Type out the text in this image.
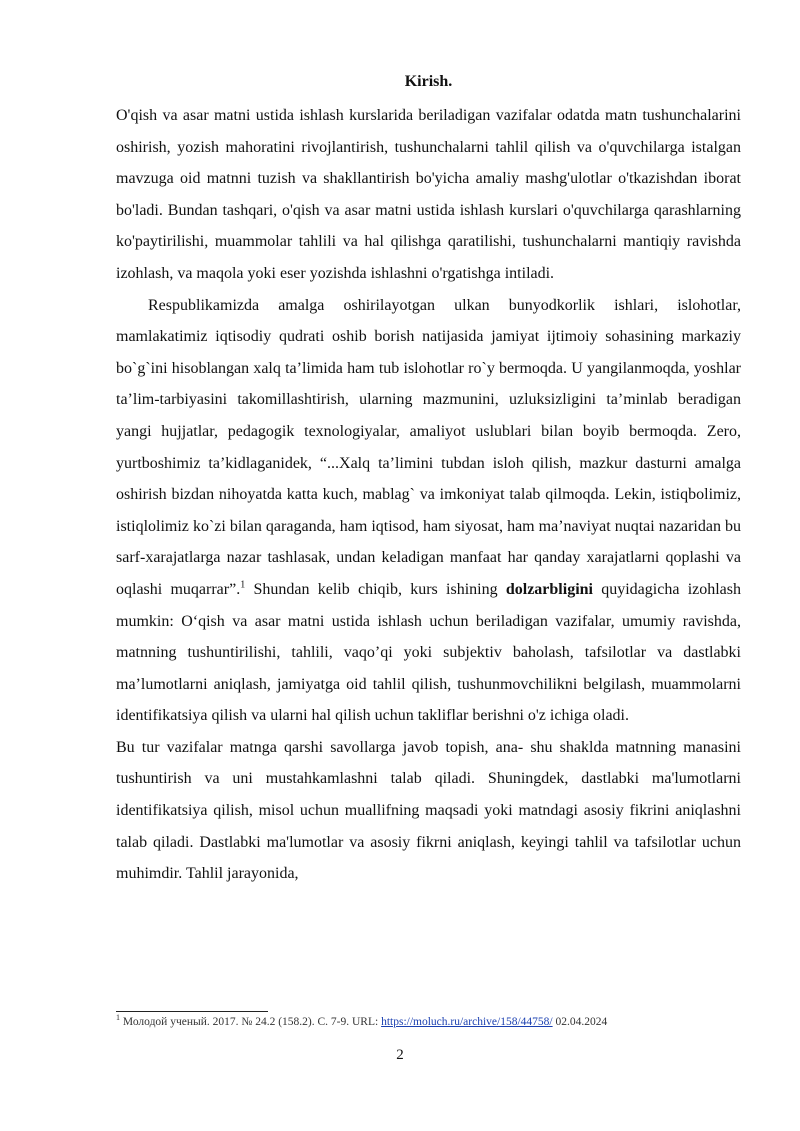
Kirish.

O'qish va asar matni ustida ishlash kurslarida beriladigan vazifalar odatda matn tushunchalarini oshirish, yozish mahoratini rivojlantirish, tushunchalarni tahlil qilish va o'quvchilarga istalgan mavzuga oid matnni tuzish va shakllantirish bo'yicha amaliy mashg'ulotlar o'tkazishdan iborat bo'ladi. Bundan tashqari, o'qish va asar matni ustida ishlash kurslari o'quvchilarga qarashlarning ko'paytirilishi, muammolar tahlili va hal qilishga qaratilishi, tushunchalarni mantiqiy ravishda izohlash, va maqola yoki eser yozishda ishlashni o'rgatishga intiladi.

Respublikamizda amalga oshirilayotgan ulkan bunyodkorlik ishlari, islohotlar, mamlakatimiz iqtisodiy qudrati oshib borish natijasida jamiyat ijtimoiy sohasining markaziy bo`g`ini hisoblangan xalq ta’limida ham tub islohotlar ro`y bermoqda. U yangilanmoqda, yoshlar ta’lim-tarbiyasini takomillashtirish, ularning mazmunini, uzluksizligini ta’minlab beradigan yangi hujjatlar, pedagogik texnologiyalar, amaliyot uslublari bilan boyib bermoqda. Zero, yurtboshimiz ta’kidlaganidek, “...Xalq ta’limini tubdan isloh qilish, mazkur dasturni amalga oshirish bizdan nihoyatda katta kuch, mablag` va imkoniyat talab qilmoqda. Lekin, istiqbolimiz, istiqlolimiz ko`zi bilan qaraganda, ham iqtisod, ham siyosat, ham ma’naviyat nuqtai nazaridan bu sarf-xarajatlarga nazar tashlasak, undan keladigan manfaat har qanday xarajatlarni qoplashi va oqlashi muqarrar”.$^1$ Shundan kelib chiqib, kurs ishining dolzarbligini quyidagicha izohlash mumkin: O‘qish va asar matni ustida ishlash uchun beriladigan vazifalar, umumiy ravishda, matnning tushuntirilishi, tahlili, vaqo’qi yoki subjektiv baholash, tafsilotlar va dastlabki ma’lumotlarni aniqlash, jamiyatga oid tahlil qilish, tushunmovchilikni belgilash, muammolarni identifikatsiya qilish va ularni hal qilish uchun takliflar berishni o'z ichiga oladi.

Bu tur vazifalar matnga qarshi savollarga javob topish, ana- shu shaklda matnning manasini tushuntirish va uni mustahkamlashni talab qiladi. Shuningdek, dastlabki ma'lumotlarni identifikatsiya qilish, misol uchun muallifning maqsadi yoki matndagi asosiy fikrini aniqlashni talab qiladi. Dastlabki ma'lumotlar va asosiy fikrni aniqlash, keyingi tahlil va tafsilotlar uchun muhimdir. Tahlil jarayonida,

$^1$ Молодой ученый. 2017. № 24.2 (158.2). С. 7-9. URL: https://moluch.ru/archive/158/44758/ 02.04.2024
2
